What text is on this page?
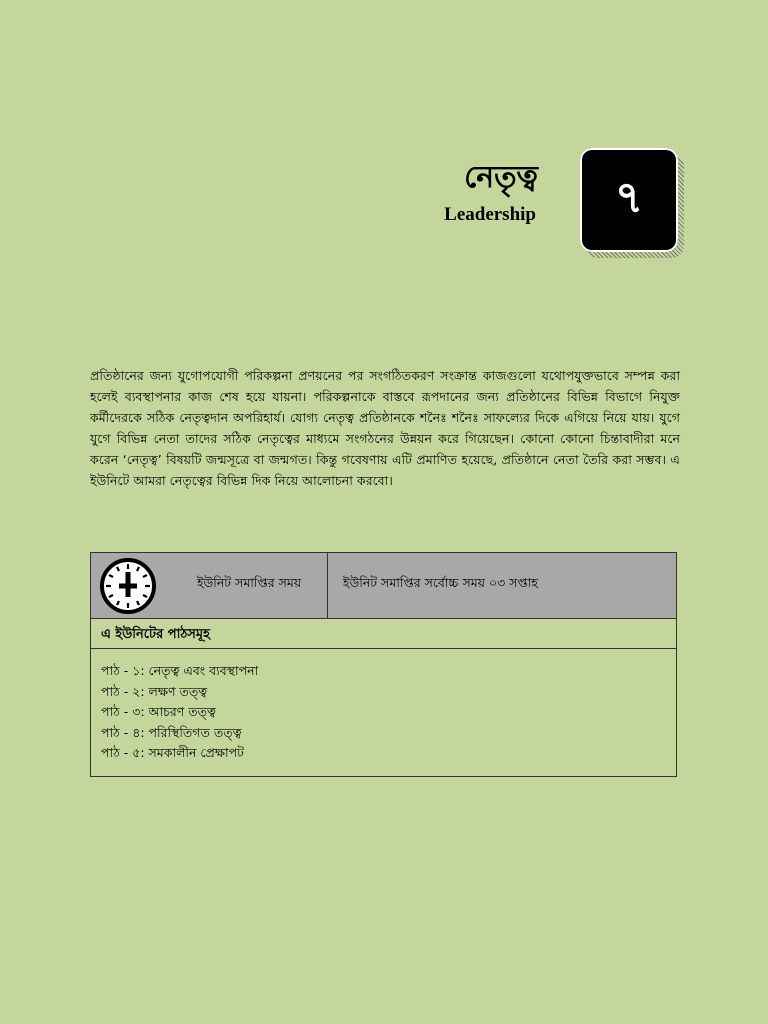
নেতৃত্ব
Leadership	৭

প্রতিষ্ঠানের জন্য যুগোপযোগী পরিকল্পনা প্রণয়নের পর সংগঠিতকরণ সংক্রান্ত কাজগুলো যথোপযুক্তভাবে সম্পন্ন করা হলেই ব্যবস্থাপনার কাজ শেষ হয়ে যায়না। পরিকল্পনাকে বাস্তবে রূপদানের জন্য প্রতিষ্ঠানের বিভিন্ন বিভাগে নিযুক্ত কর্মীদেরকে সঠিক নেতৃত্বদান অপরিহার্য। যোগ্য নেতৃত্ব প্রতিষ্ঠানকে শনৈঃ শনৈঃ সাফল্যের দিকে এগিয়ে নিয়ে যায়। যুগে যুগে বিভিন্ন নেতা তাদের সঠিক নেতৃত্বের মাধ্যমে সংগঠনের উন্নয়ন করে গিয়েছেন। কোনো কোনো চিন্তাবাদীরা মনে করেন ‘নেতৃত্ব’ বিষয়টি জন্মসূত্রে বা জন্মগত। কিন্তু গবেষণায় এটি প্রমাণিত হয়েছে, প্রতিষ্ঠানে নেতা তৈরি করা সম্ভব। এ ইউনিটে আমরা নেতৃত্বের বিভিন্ন দিক নিয়ে আলোচনা করবো।

ইউনিট সমাপ্তির সময়	ইউনিট সমাপ্তির সর্বোচ্চ সময় ০৩ সপ্তাহ
এ ইউনিটের পাঠসমূহ
পাঠ - ১: নেতৃত্ব এবং ব্যবস্থাপনা
পাঠ - ২: লক্ষণ তত্ত্ব
পাঠ - ৩: আচরণ তত্ত্ব
পাঠ - ৪: পরিস্থিতিগত তত্ত্ব
পাঠ - ৫: সমকালীন প্রেক্ষাপট
